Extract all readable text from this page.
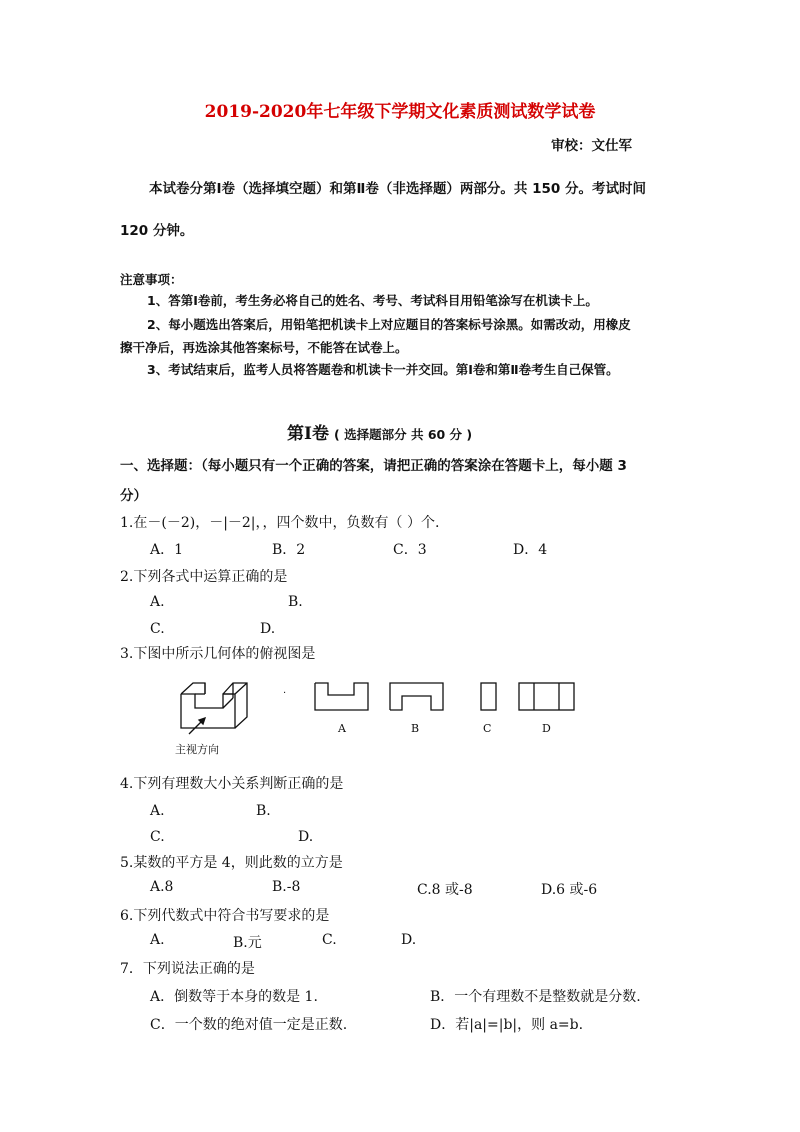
2019-2020年七年级下学期文化素质测试数学试卷
审校：文仕军
本试卷分第Ⅰ卷（选择填空题）和第Ⅱ卷（非选择题）两部分。共 150 分。考试时间
120 分钟。
注意事项：
1、答第Ⅰ卷前，考生务必将自己的姓名、考号、考试科目用铅笔涂写在机读卡上。
2、每小题选出答案后，用铅笔把机读卡上对应题目的答案标号涂黑。如需改动，用橡皮
擦干净后，再选涂其他答案标号，不能答在试卷上。
3、考试结束后，监考人员将答题卷和机读卡一并交回。第Ⅰ卷和第Ⅱ卷考生自己保管。
第Ⅰ卷 ( 选择题部分 共 60 分 )
一、选择题：（每小题只有一个正确的答案，请把正确的答案涂在答题卡上，每小题 3
分）
1.在－(－2)，－|－2|，，四个数中，负数有（ ）个.
A．1	B．2	C．3	D．4
2.下列各式中运算正确的是
A.	B.
C.	D.
3.下图中所示几何体的俯视图是
主视方向
·
A	B	C	D
4.下列有理数大小关系判断正确的是
A.	B.
C.	D.
5.某数的平方是 4，则此数的立方是
A.8	B.-8	C.8 或-8	D.6 或-6
6.下列代数式中符合书写要求的是
A.	B.元	C.	D.
7．下列说法正确的是
A．倒数等于本身的数是 1.	B．一个有理数不是整数就是分数.
C．一个数的绝对值一定是正数.	D．若|a|=|b|，则 a=b.
